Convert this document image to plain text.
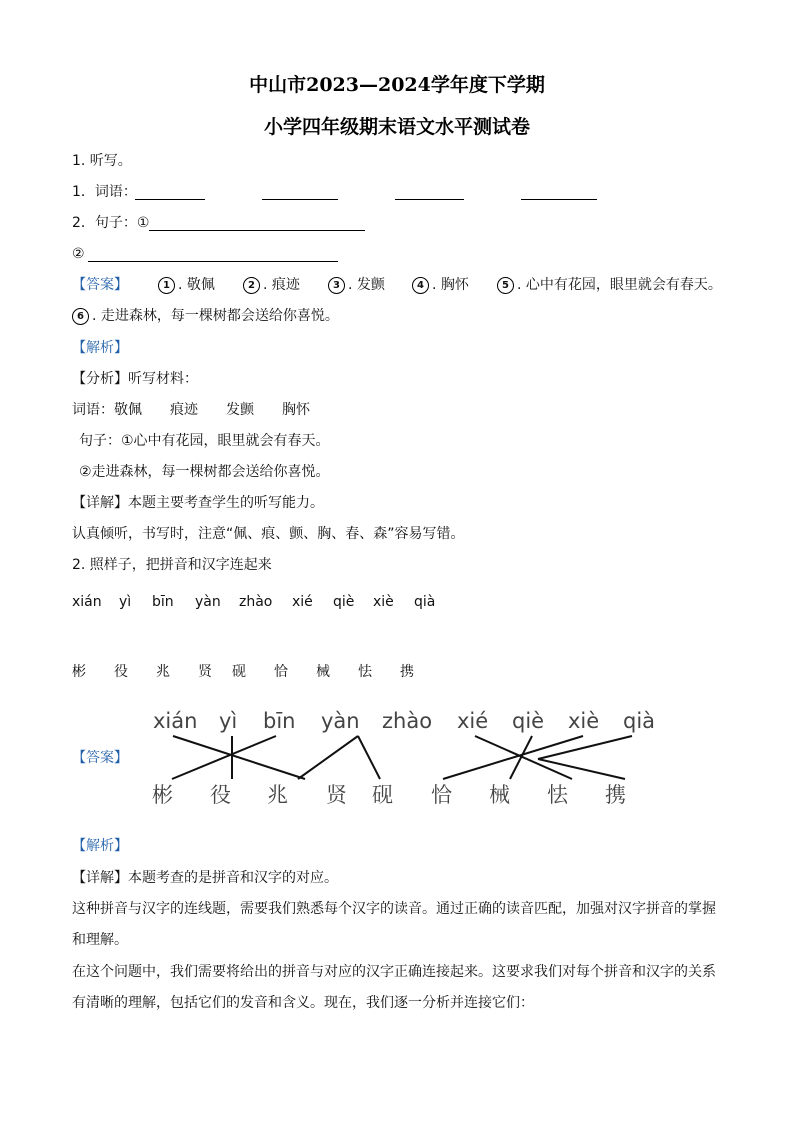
中山市2023—2024学年度下学期
小学四年级期末语文水平测试卷
1. 听写。
1．词语：
2．句子：①
②
【答案】	1 . 敬佩	2 . 痕迹	3 . 发颤	4 . 胸怀	5 . 心中有花园，眼里就会有春天。
6 . 走进森林，每一棵树都会送给你喜悦。
【解析】
【分析】听写材料：
词语： 敬佩 痕迹 发颤 胸怀
句子：①心中有花园，眼里就会有春天。
②走进森林，每一棵树都会送给你喜悦。
【详解】本题主要考查学生的听写能力。
认真倾听，书写时，注意“佩、痕、颤、胸、春、森”容易写错。
2. 照样子，把拼音和汉字连起来
xián yì bīn yàn zhào xié qiè xiè qià
彬 役 兆 贤 砚 恰 械 怯 携
【答案】
xián yì bīn yàn zhào xié qiè xiè qià
彬 役 兆 贤 砚 恰 械 怯 携
【解析】
【详解】本题考查的是拼音和汉字的对应。
这种拼音与汉字的连线题，需要我们熟悉每个汉字的读音。通过正确的读音匹配，加强对汉字拼音的掌握
和理解。
在这个问题中，我们需要将给出的拼音与对应的汉字正确连接起来。这要求我们对每个拼音和汉字的关系
有清晰的理解，包括它们的发音和含义。现在，我们逐一分析并连接它们：
